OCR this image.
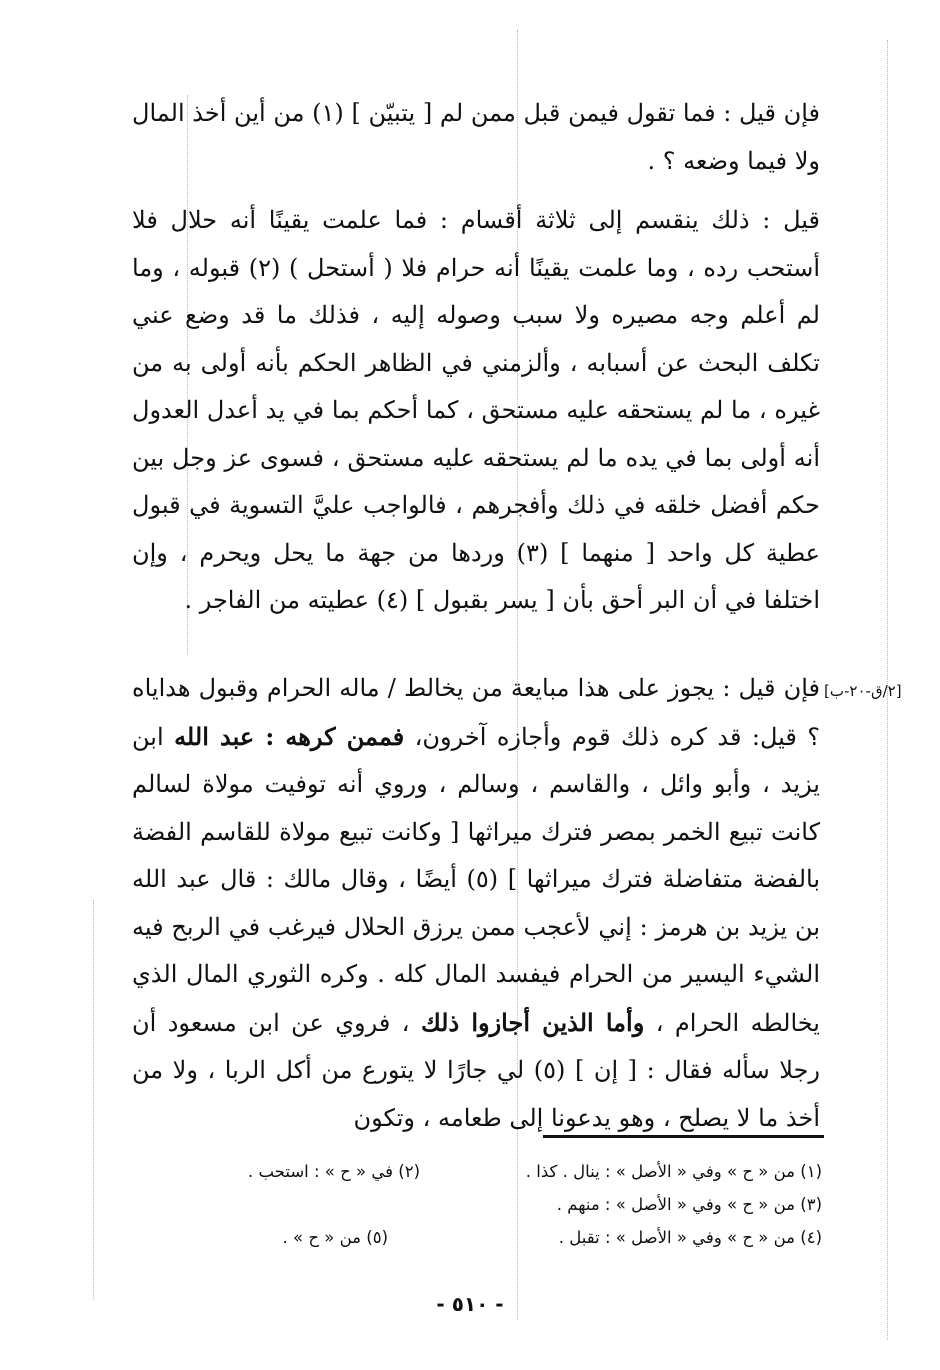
فإن قيل : فما تقول فيمن قبل ممن لم [ يتبيّن ] (١) من أين أخذ المال ولا فيما وضعه ؟ .

قيل : ذلك ينقسم إلى ثلاثة أقسام : فما علمت يقينًا أنه حلال فلا أستحب رده ، وما علمت يقينًا أنه حرام فلا ( أستحل ) (٢) قبوله ، وما لم أعلم وجه مصيره ولا سبب وصوله إليه ، فذلك ما قد وضع عني تكلف البحث عن أسبابه ، وألزمني في الظاهر الحكم بأنه أولى به من غيره ، ما لم يستحقه عليه مستحق ، كما أحكم بما في يد أعدل العدول أنه أولى بما في يده ما لم يستحقه عليه مستحق ، فسوى عز وجل بين حكم أفضل خلقه في ذلك وأفجرهم ، فالواجب عليَّ التسوية في قبول عطية كل واحد [ منهما ] (٣) وردها من جهة ما يحل ويحرم ، وإن اختلفا في أن البر أحق بأن [ يسر بقبول ] (٤) عطيته من الفاجر .

[٢/ق-٢٠-ب]

فإن قيل : يجوز على هذا مبايعة من يخالط / ماله الحرام وقبول هداياه ؟ قيل: قد كره ذلك قوم وأجازه آخرون، فممن كرهه : عبد الله ابن يزيد ، وأبو وائل ، والقاسم ، وسالم ، وروي أنه توفيت مولاة لسالم كانت تبيع الخمر بمصر فترك ميراثها [ وكانت تبيع مولاة للقاسم الفضة بالفضة متفاضلة فترك ميراثها ] (٥) أيضًا ، وقال مالك : قال عبد الله بن يزيد بن هرمز : إني لأعجب ممن يرزق الحلال فيرغب في الربح فيه الشيء اليسير من الحرام فيفسد المال كله . وكره الثوري المال الذي يخالطه الحرام ، وأما الذين أجازوا ذلك ، فروي عن ابن مسعود أن رجلا سأله فقال : [ إن ] (٥) لي جارًا لا يتورع من أكل الربا ، ولا من أخذ ما لا يصلح ، وهو يدعونا إلى طعامه ، وتكون

(١) من « ح » وفي « الأصل » : ينال . كذا .
(٢) في « ح » : استحب .
(٣) من « ح » وفي « الأصل » : منهم .
(٤) من « ح » وفي « الأصل » : تقبل .
(٥) من « ح » .
- ٥١٠ -
